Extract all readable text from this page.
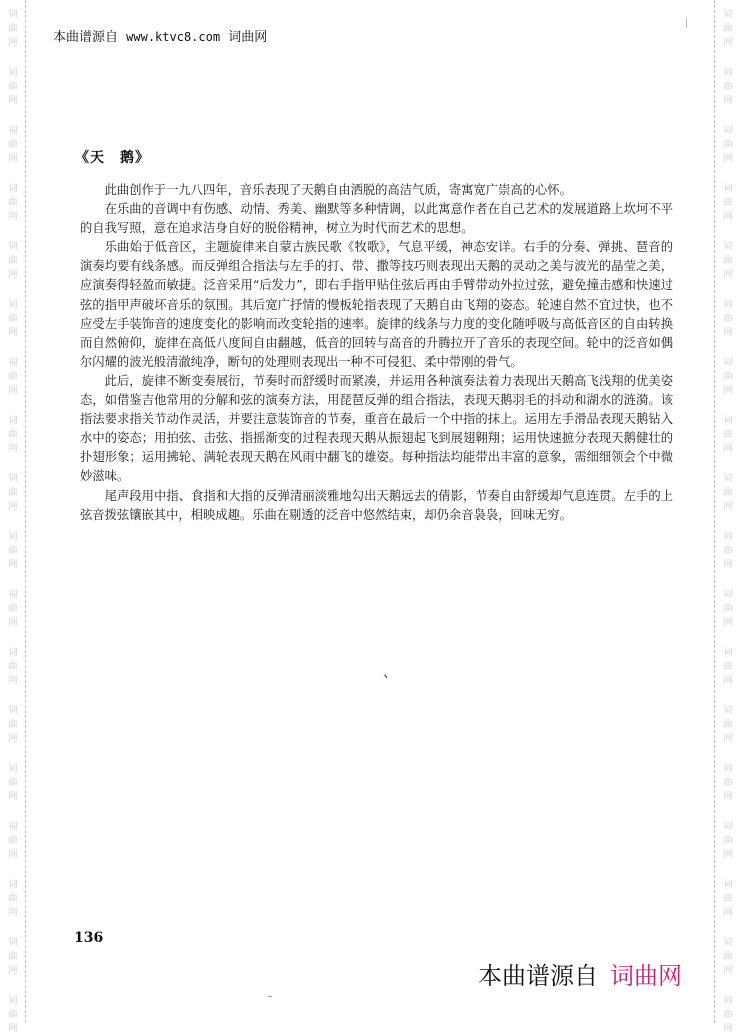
词
曲
网
词
曲
网
词
曲
网
词
曲
网
词
曲
网
词
曲
网
词
曲
网
词
曲
网
词
曲
网
词
曲
网
词
曲
网
词
曲
网
词
曲
网
词
曲
网
词
曲
网
词
曲
网
词
曲
网
词
曲
网
词
曲
网
词
曲
网
词
曲
网
词
曲
网
词
曲
网
词
曲
网
词
曲
网
词
曲
网
词
曲
网
词
曲
网
词
曲
网
词
曲
网
词
曲
网
词
曲
网
词
曲
网
词
曲
网
词
曲
网
词
曲
网
本曲谱源自 www.ktvc8.com 词曲网
《天　鹅》

此曲创作于一九八四年，音乐表现了天鹅自由洒脱的高洁气质，寄寓宽广崇高的心怀。

在乐曲的音调中有伤感、动情、秀美、幽默等多种情调，以此寓意作者在自己艺术的发展道路上坎坷不平的自我写照，意在追求洁身自好的脱俗精神，树立为时代而艺术的思想。

乐曲始于低音区，主题旋律来自蒙古族民歌《牧歌》，气息平缓，神态安详。右手的分奏、弹挑、琶音的演奏均要有线条感。而反弹组合指法与左手的打、带、撒等技巧则表现出天鹅的灵动之美与波光的晶莹之美，应演奏得轻盈而敏捷。泛音采用“后发力”，即右手指甲贴住弦后再由手臂带动外拉过弦，避免撞击感和快速过弦的指甲声破坏音乐的氛围。其后宽广抒情的慢板轮指表现了天鹅自由飞翔的姿态。轮速自然不宜过快，也不应受左手装饰音的速度变化的影响而改变轮指的速率。旋律的线条与力度的变化随呼吸与高低音区的自由转换而自然俯仰，旋律在高低八度间自由翻越，低音的回转与高音的升腾拉开了音乐的表现空间。轮中的泛音如偶尔闪耀的波光般清澈纯净，断句的处理则表现出一种不可侵犯、柔中带刚的骨气。

此后，旋律不断变奏展衍，节奏时而舒缓时而紧凑，并运用各种演奏法着力表现出天鹅高飞浅翔的优美姿态，如借鉴吉他常用的分解和弦的演奏方法，用琵琶反弹的组合指法，表现天鹅羽毛的抖动和湖水的涟漪。该指法要求指关节动作灵活，并要注意装饰音的节奏，重音在最后一个中指的抹上。运用左手滑品表现天鹅钻入水中的姿态；用拍弦、击弦、指摇渐变的过程表现天鹅从振翅起飞到展翅翱翔；运用快速摭分表现天鹅健壮的扑翅形象；运用拂轮、满轮表现天鹅在风雨中翻飞的雄姿。每种指法均能带出丰富的意象，需细细领会个中微妙滋味。

尾声段用中指、食指和大指的反弹清丽淡雅地勾出天鹅远去的倩影，节奏自由舒缓却气息连贯。左手的上弦音拨弦镶嵌其中，相映成趣。乐曲在剔透的泛音中悠然结束，却仍余音袅袅，回味无穷。

、
136
本曲谱源自 词曲网
